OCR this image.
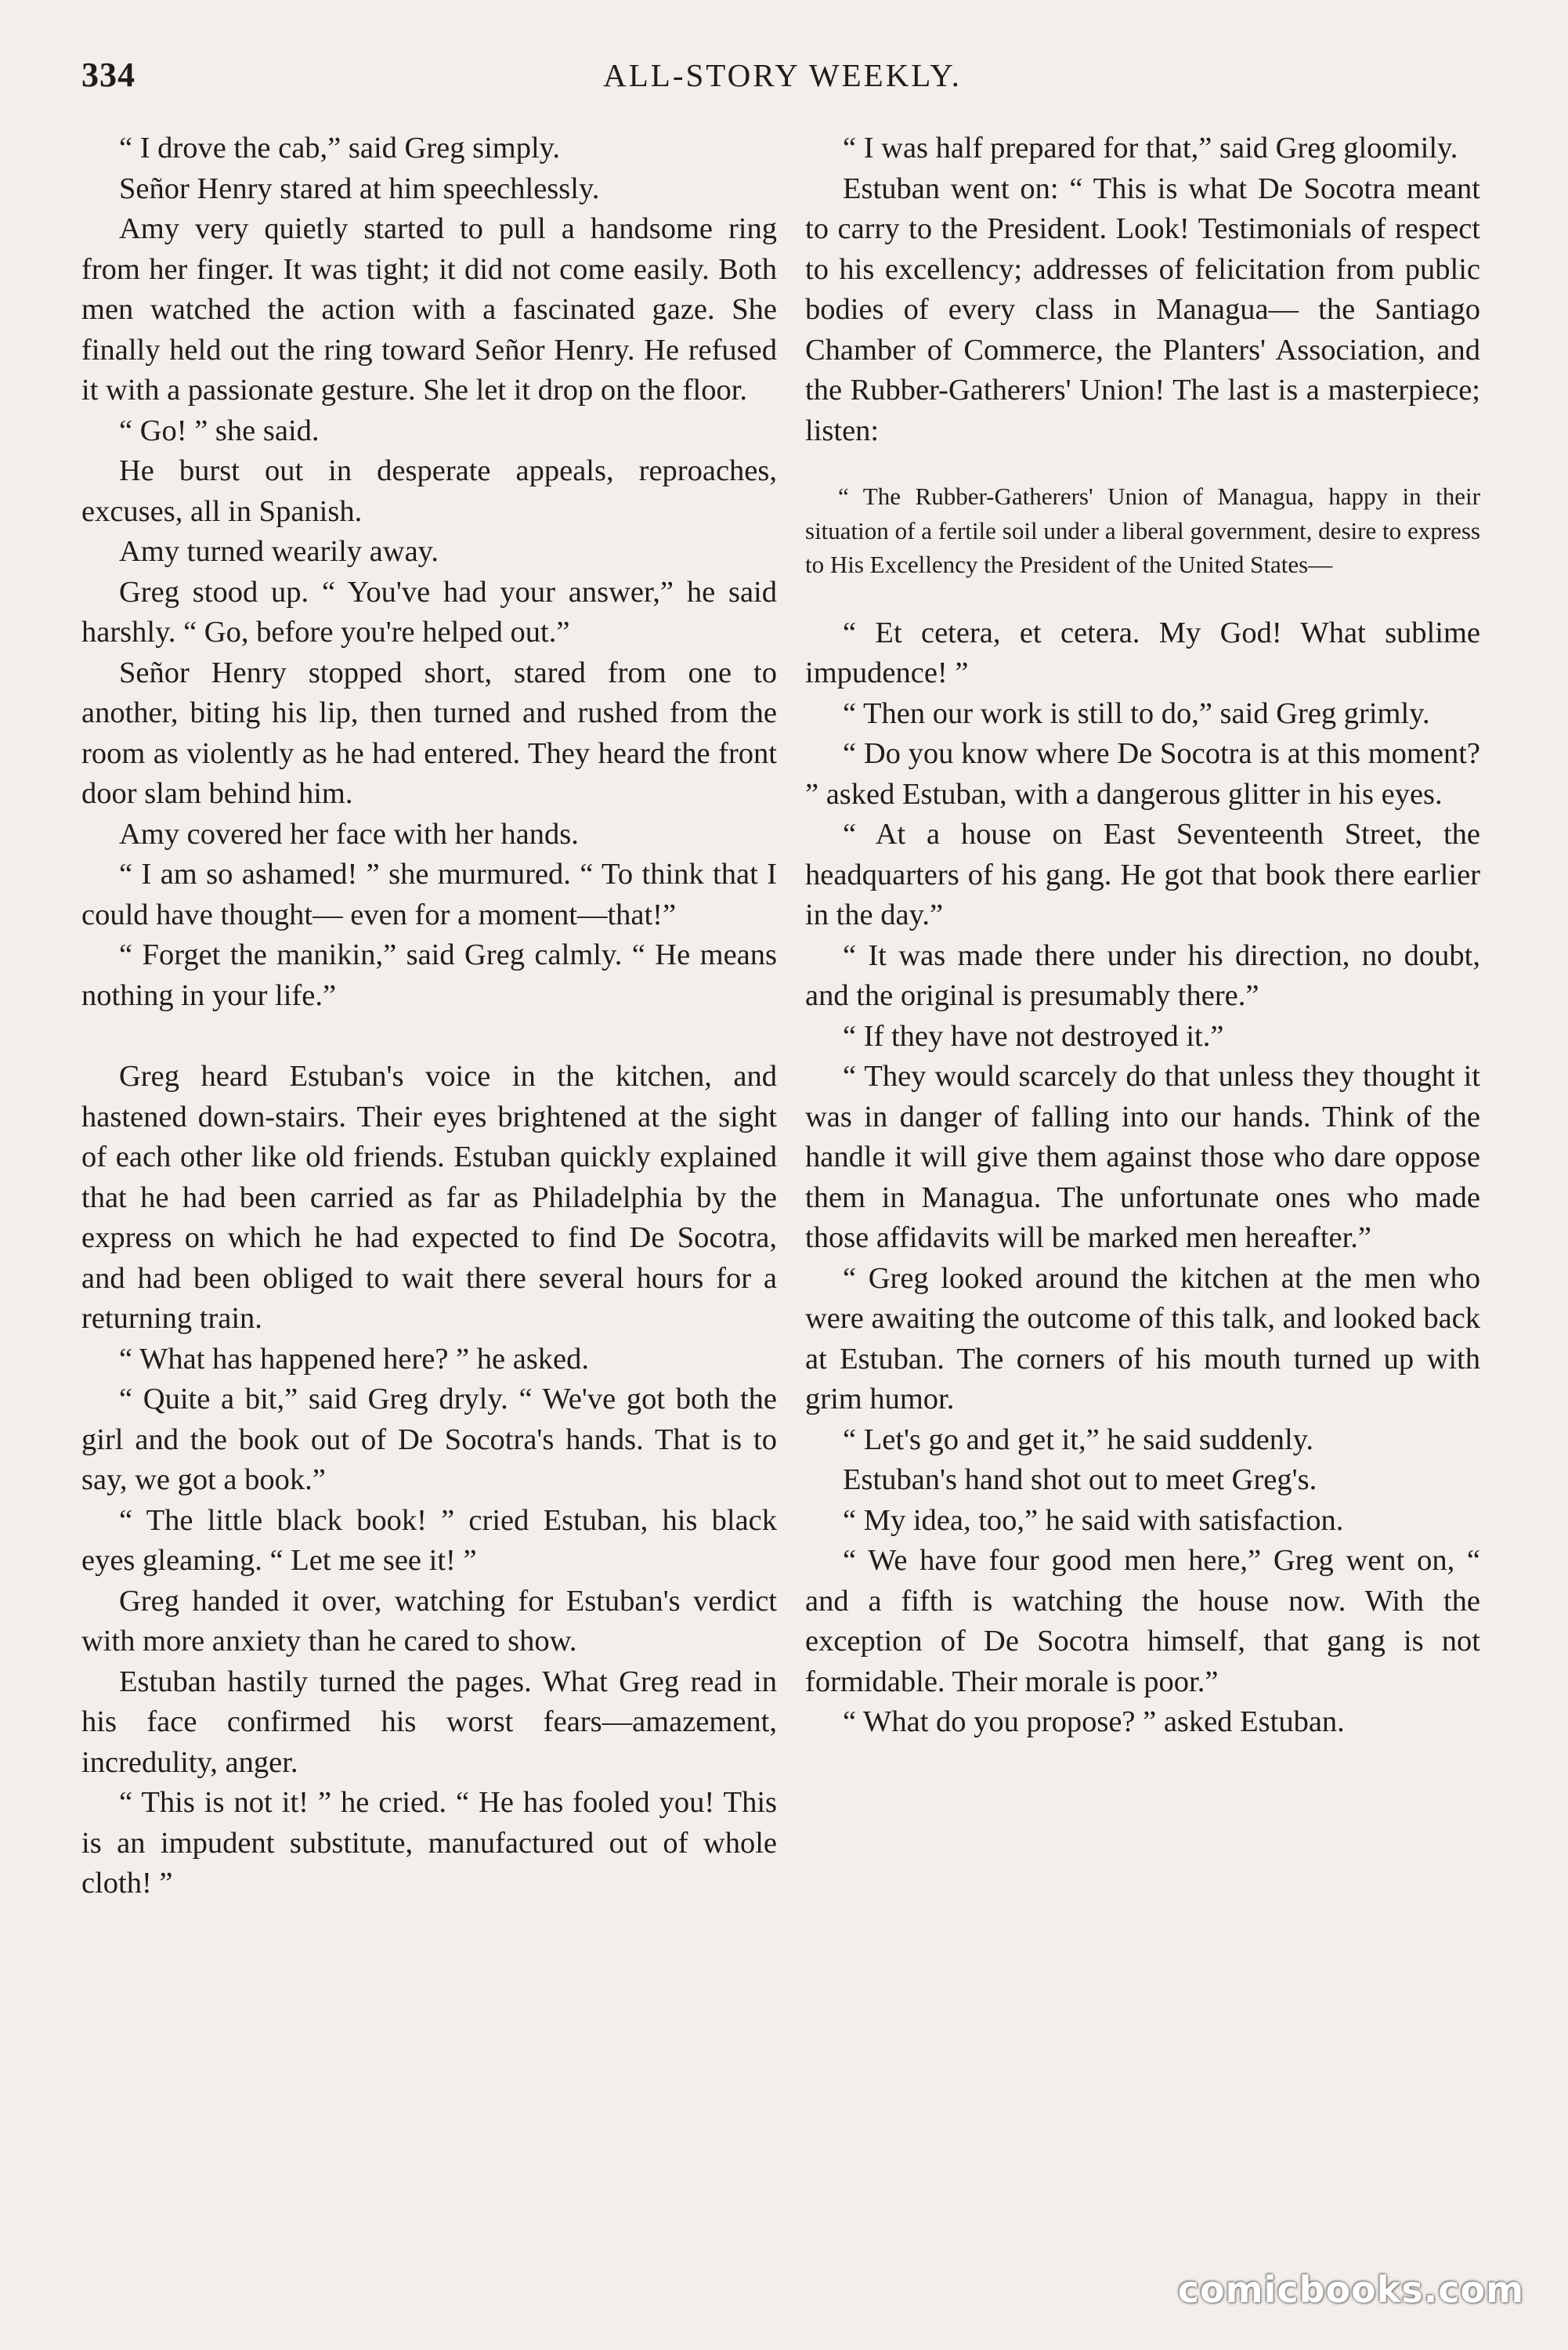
334	ALL-STORY WEEKLY.

“ I drove the cab,” said Greg simply.

Señor Henry stared at him speechlessly.

Amy very quietly started to pull a handsome ring from her finger. It was tight; it did not come easily. Both men watched the action with a fascinated gaze. She finally held out the ring toward Señor Henry. He refused it with a passionate gesture. She let it drop on the floor.

“ Go! ” she said.

He burst out in desperate appeals, reproaches, excuses, all in Spanish.

Amy turned wearily away.

Greg stood up. “ You've had your answer,” he said harshly. “ Go, before you're helped out.”

Señor Henry stopped short, stared from one to another, biting his lip, then turned and rushed from the room as violently as he had entered. They heard the front door slam behind him.

Amy covered her face with her hands.

“ I am so ashamed! ” she murmured. “ To think that I could have thought— even for a moment—that!”

“ Forget the manikin,” said Greg calmly. “ He means nothing in your life.”

Greg heard Estuban's voice in the kitchen, and hastened down-stairs. Their eyes brightened at the sight of each other like old friends. Estuban quickly explained that he had been carried as far as Philadelphia by the express on which he had expected to find De Socotra, and had been obliged to wait there several hours for a returning train.

“ What has happened here? ” he asked.

“ Quite a bit,” said Greg dryly. “ We've got both the girl and the book out of De Socotra's hands. That is to say, we got a book.”

“ The little black book! ” cried Estuban, his black eyes gleaming. “ Let me see it! ”

Greg handed it over, watching for Estuban's verdict with more anxiety than he cared to show.

Estuban hastily turned the pages. What Greg read in his face confirmed his worst fears—amazement, incredulity, anger.

“ This is not it! ” he cried. “ He has fooled you! This is an impudent substitute, manufactured out of whole cloth! ”

“ I was half prepared for that,” said Greg gloomily.

Estuban went on: “ This is what De Socotra meant to carry to the President. Look! Testimonials of respect to his excellency; addresses of felicitation from public bodies of every class in Managua— the Santiago Chamber of Commerce, the Planters' Association, and the Rubber-Gatherers' Union! The last is a masterpiece; listen:

“ The Rubber-Gatherers' Union of Managua, happy in their situation of a fertile soil under a liberal government, desire to express to His Excellency the President of the United States—

“ Et cetera, et cetera. My God! What sublime impudence! ”

“ Then our work is still to do,” said Greg grimly.

“ Do you know where De Socotra is at this moment? ” asked Estuban, with a dangerous glitter in his eyes.

“ At a house on East Seventeenth Street, the headquarters of his gang. He got that book there earlier in the day.”

“ It was made there under his direction, no doubt, and the original is presumably there.”

“ If they have not destroyed it.”

“ They would scarcely do that unless they thought it was in danger of falling into our hands. Think of the handle it will give them against those who dare oppose them in Managua. The unfortunate ones who made those affidavits will be marked men hereafter.”

“ Greg looked around the kitchen at the men who were awaiting the outcome of this talk, and looked back at Estuban. The corners of his mouth turned up with grim humor.

“ Let's go and get it,” he said suddenly.

Estuban's hand shot out to meet Greg's.

“ My idea, too,” he said with satisfaction.

“ We have four good men here,” Greg went on, “ and a fifth is watching the house now. With the exception of De Socotra himself, that gang is not formidable. Their morale is poor.”

“ What do you propose? ” asked Estuban.

comicbooks.com
